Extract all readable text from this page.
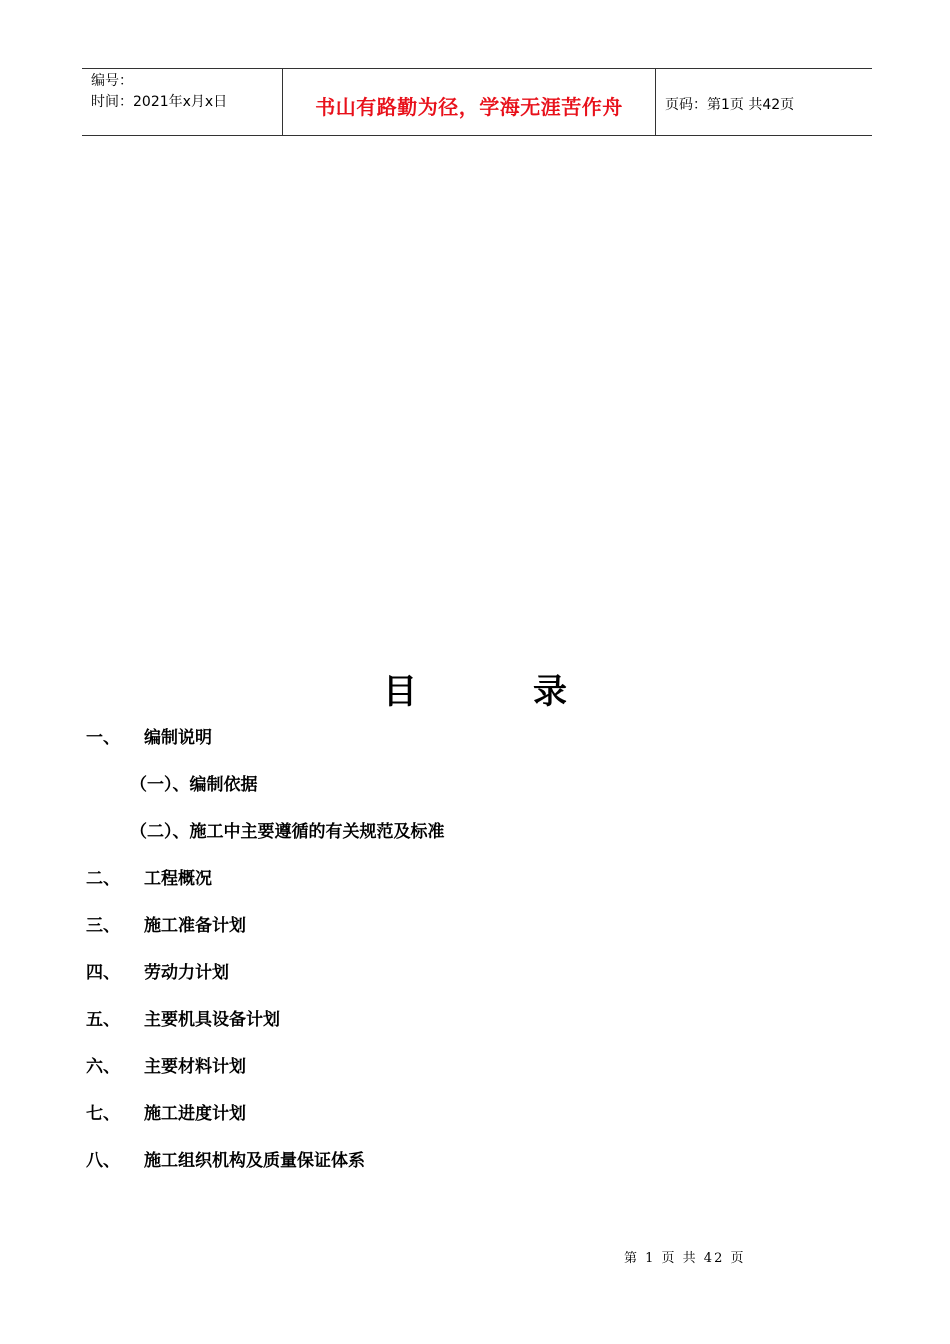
编号：
时间：2021年x月x日	书山有路勤为径，学海无涯苦作舟	页码：第1页 共42页
目	录
一、 编制说明
（一）、编制依据
（二）、施工中主要遵循的有关规范及标准
二、 工程概况
三、 施工准备计划
四、 劳动力计划
五、 主要机具设备计划
六、 主要材料计划
七、 施工进度计划
八、 施工组织机构及质量保证体系
第 1 页 共 42 页
